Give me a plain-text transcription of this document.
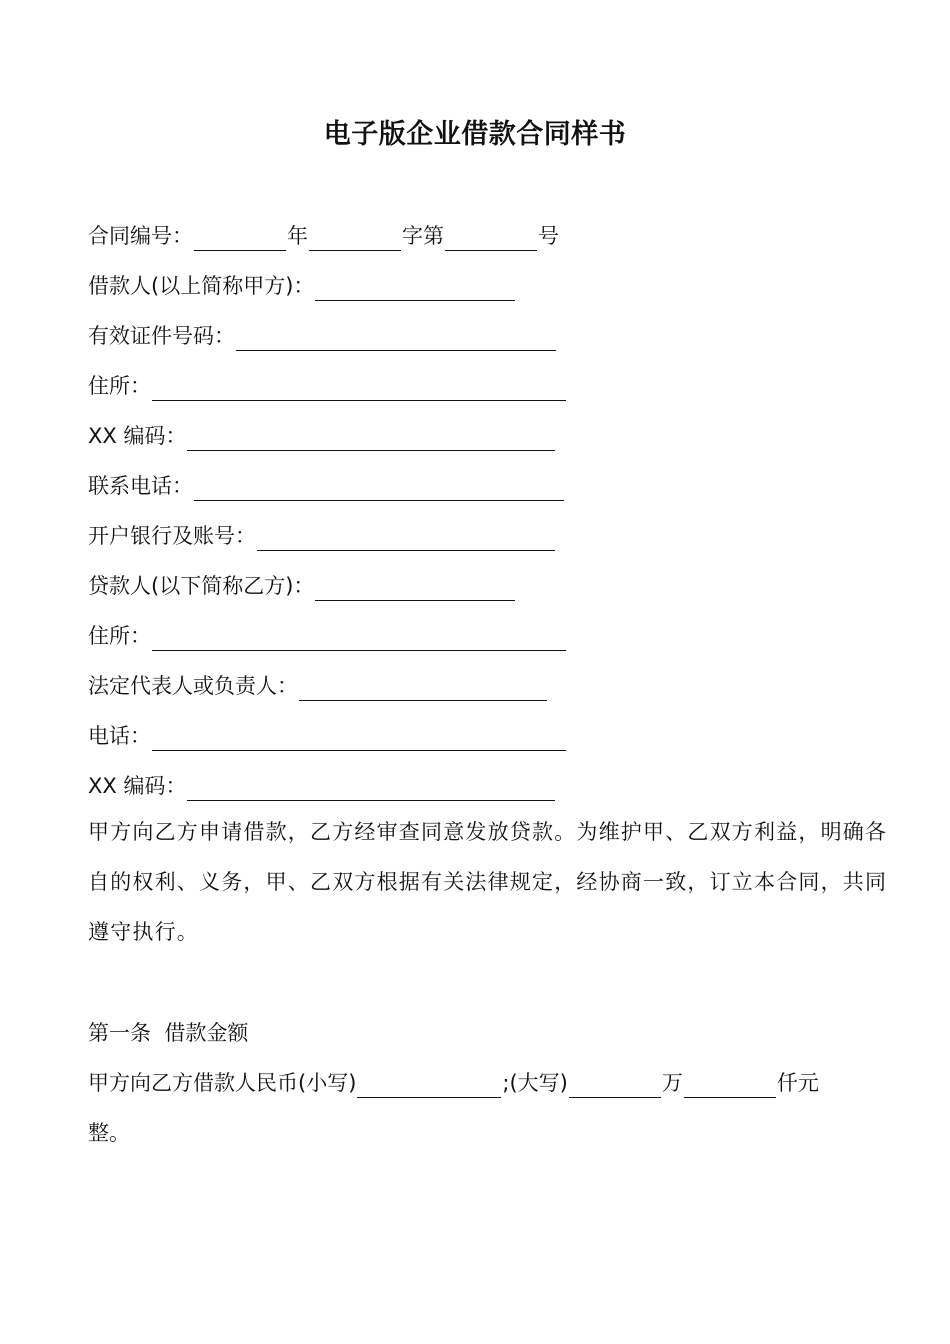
电子版企业借款合同样书
合同编号：	年	字第	号
借款人(以上简称甲方)：
有效证件号码：
住所：
XX 编码：
联系电话：
开户银行及账号：
贷款人(以下简称乙方)：
住所：
法定代表人或负责人：
电话：
XX 编码：
甲方向乙方申请借款，乙方经审查同意发放贷款。为维护甲、乙双方利益，明确各自的权利、义务，甲、乙双方根据有关法律规定，经协商一致，订立本合同，共同遵守执行。
第一条  借款金额
甲方向乙方借款人民币(小写)	;(大写)	万	仟元
整。
